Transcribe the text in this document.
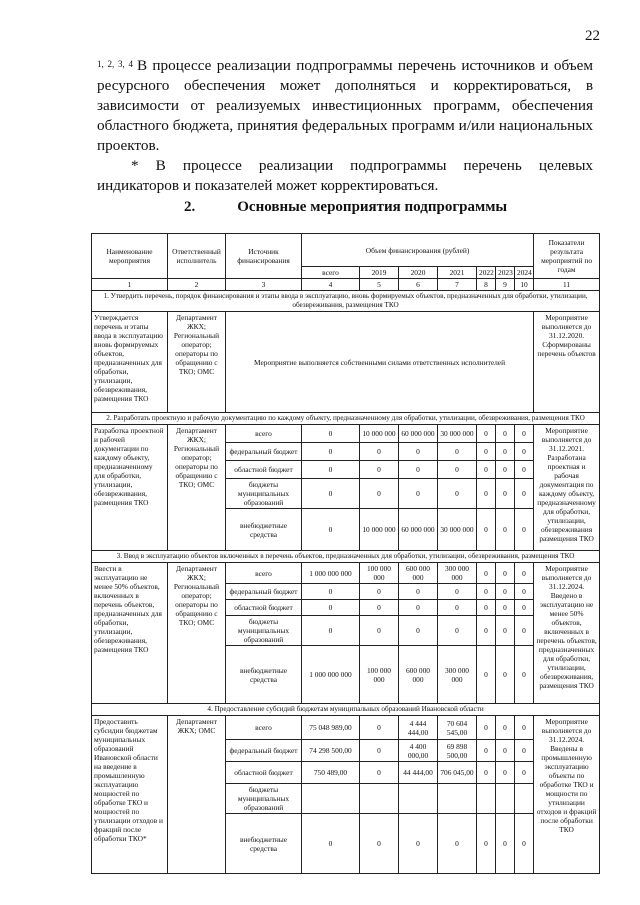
22

$^{1, 2, 3, 4}$ В процессе реализации подпрограммы перечень источников и объем ресурсного обеспечения может дополняться и корректироваться, в зависимости от реализуемых инвестиционных программ, обеспечения областного бюджета, принятия федеральных программ и/или национальных проектов.

* В процессе реализации подпрограммы перечень целевых индикаторов и показателей может корректироваться.

2.	Основные мероприятия подпрограммы
Наименование мероприятия	Ответственный исполнитель	Источник финансирования	Объем финансирования (рублей)							Показатели результата мероприятий по годам
			всего	2019	2020	2021	2022	2023	2024	
1	2	3	4	5	6	7	8	9	10	11
1. Утвердить перечень, порядок финансирования и этапы ввода в эксплуатацию, вновь формируемых объектов, предназначенных для обработки, утилизации, обезвреживания, размещения ТКО										
Утверждается перечень и этапы ввода в эксплуатацию вновь формируемых объектов, предназначенных для обработки, утилизации, обезвреживания, размещения ТКО	Департамент ЖКХ; Региональный оператор; операторы по обращению с ТКО; ОМС	Мероприятие выполняется собственными силами ответственных исполнителей								Мероприятие выполняется до 31.12.2020. Сформированы перечень объектов
2. Разработать проектную и рабочую документацию по каждому объекту, предназначенному для обработки, утилизации, обезвреживания, размещения ТКО										
Разработка проектной и рабочей документации по каждому объекту, предназначенному для обработки, утилизации, обезвреживания, размещения ТКО	Департамент ЖКХ; Региональный оператор; операторы по обращению с ТКО; ОМС	всего	0	10 000 000	60 000 000	30 000 000	0	0	0	Мероприятие выполняется до 31.12.2021. Разработана проектная и рабочая документация по каждому объекту, предназначенному для обработки, утилизации, обезвреживания размещения ТКО
		федеральный бюджет	0	0	0	0	0	0	0	
		областной бюджет	0	0	0	0	0	0	0	
		бюджеты муниципальных образований	0	0	0	0	0	0	0	
		внебюджетные средства	0	10 000 000	60 000 000	30 000 000	0	0	0	
3. Ввод в эксплуатацию объектов включенных в перечень объектов, предназначенных для обработки, утилизации, обезвреживания, размещения ТКО										
Ввести в эксплуатацию не менее 50% объектов, включенных в перечень объектов, предназначенных для обработки, утилизации, обезвреживания, размещения ТКО	Департамент ЖКХ; Региональный оператор; операторы по обращению с ТКО; ОМС	всего	1 000 000 000	100 000 000	600 000 000	300 000 000	0	0	0	Мероприятие выполняется до 31.12.2024. Введено в эксплуатацию не менее 50% объектов, включенных в перечень объектов, предназначенных для обработки, утилизации, обезвреживания, размещения ТКО
		федеральный бюджет	0	0	0	0	0	0	0	
		областной бюджет	0	0	0	0	0	0	0	
		бюджеты муниципальных образований	0	0	0	0	0	0	0	
		внебюджетные средства	1 000 000 000	100 000 000	600 000 000	300 000 000	0	0	0	
4. Предоставление субсидий бюджетам муниципальных образований Ивановской области										
Предоставить субсидии бюджетам муниципальных образований Ивановской области на введение в промышленную эксплуатацию мощностей по обработке ТКО и мощностей по утилизации отходов и фракций после обработки ТКО*	Департамент ЖКХ; ОМС	всего	75 048 989,00	0	4 444 444,00	70 604 545,00	0	0	0	Мероприятие выполняется до 31.12.2024. Введены в промышленную эксплуатацию объекты по обработке ТКО и мощности по утилизации отходов и фракций после обработки ТКО
		федеральный бюджет	74 298 500,00	0	4 400 000,00	69 898 500,00	0	0	0	
		областной бюджет	750 489,00	0	44 444,00	706 045,00	0	0	0	
		бюджеты муниципальных образований								
		внебюджетные средства	0	0	0	0	0	0	0	
